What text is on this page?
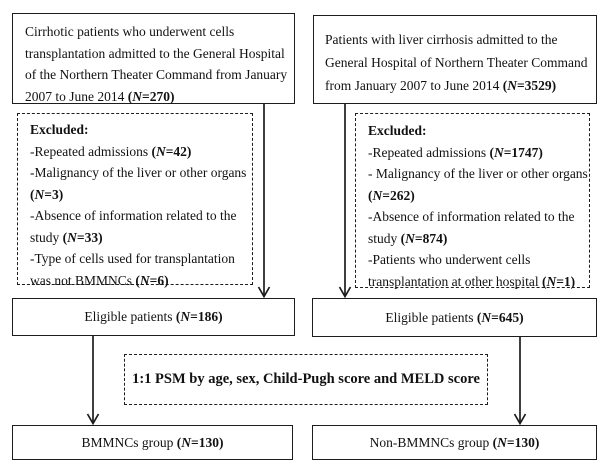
Cirrhotic patients who underwent cells
transplantation admitted to the General Hospital
of the Northern Theater Command from January
2007 to June 2014 (N=270)
Patients with liver cirrhosis admitted to the
General Hospital of Northern Theater Command
from January 2007 to June 2014 (N=3529)
Excluded:
-Repeated admissions (N=42)
-Malignancy of the liver or other organs
(N=3)
-Absence of information related to the
study (N=33)
-Type of cells used for transplantation
was not BMMNCs (N=6)
Excluded:
-Repeated admissions (N=1747)
- Malignancy of the liver or other organs
(N=262)
-Absence of information related to the
study (N=874)
-Patients who underwent cells
transplantation at other hospital (N=1)
Eligible patients (N=186)	Eligible patients (N=645)
1:1 PSM by age, sex, Child-Pugh score and MELD score
BMMNCs group (N=130)	Non-BMMNCs group (N=130)
